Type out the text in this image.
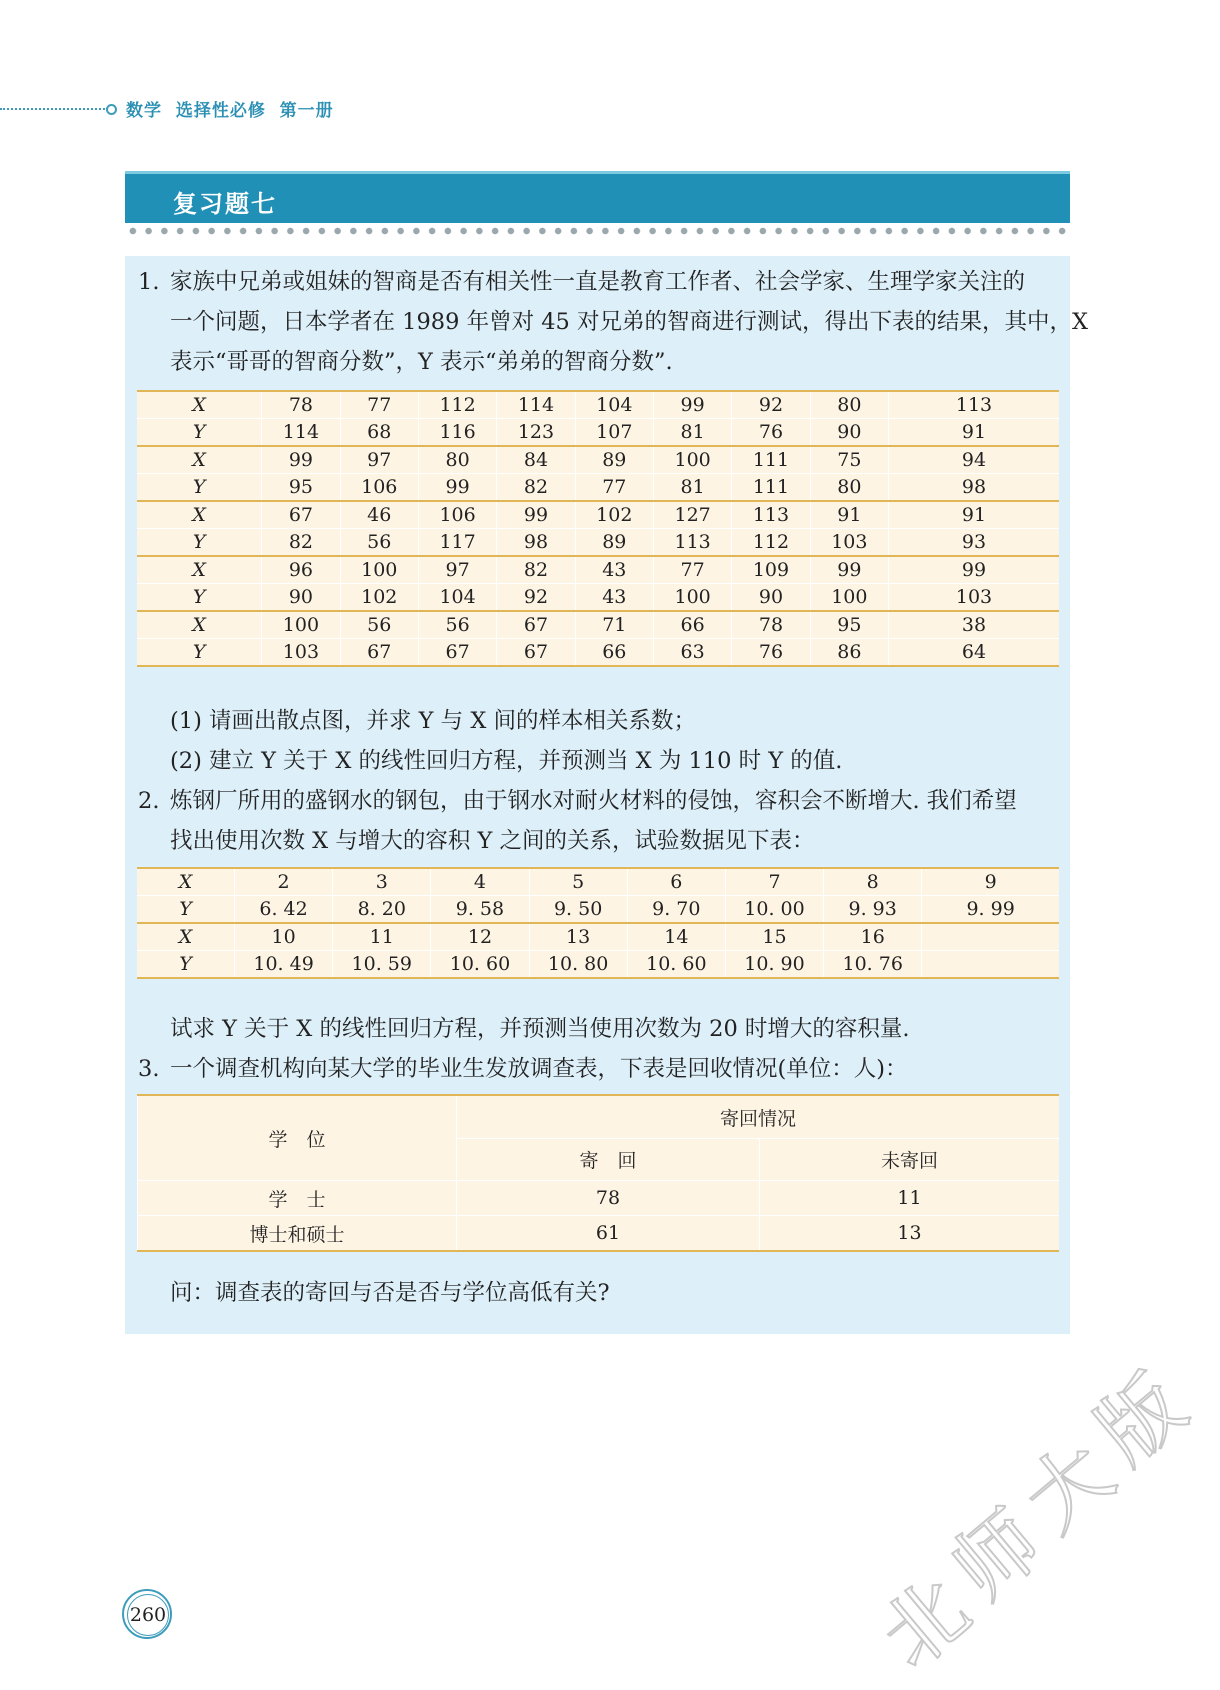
数学  选择性必修  第一册
复习题七
1. 家族中兄弟或姐妹的智商是否有相关性一直是教育工作者、社会学家、生理学家关注的
一个问题，日本学者在 1989 年曾对 45 对兄弟的智商进行测试，得出下表的结果，其中，X
表示“哥哥的智商分数”，Y 表示“弟弟的智商分数”.
X	78	77	112	114	104	99	92	80	113
Y	114	68	116	123	107	81	76	90	91
X	99	97	80	84	89	100	111	75	94
Y	95	106	99	82	77	81	111	80	98
X	67	46	106	99	102	127	113	91	91
Y	82	56	117	98	89	113	112	103	93
X	96	100	97	82	43	77	109	99	99
Y	90	102	104	92	43	100	90	100	103
X	100	56	56	67	71	66	78	95	38
Y	103	67	67	67	66	63	76	86	64
(1) 请画出散点图，并求 Y 与 X 间的样本相关系数；
(2) 建立 Y 关于 X 的线性回归方程，并预测当 X 为 110 时 Y 的值.
2. 炼钢厂所用的盛钢水的钢包，由于钢水对耐火材料的侵蚀，容积会不断增大. 我们希望
找出使用次数 X 与增大的容积 Y 之间的关系，试验数据见下表：
X	2	3	4	5	6	7	8	9
Y	6. 42	8. 20	9. 58	9. 50	9. 70	10. 00	9. 93	9. 99
X	10	11	12	13	14	15	16	
Y	10. 49	10. 59	10. 60	10. 80	10. 60	10. 90	10. 76	
试求 Y 关于 X 的线性回归方程，并预测当使用次数为 20 时增大的容积量.
3. 一个调查机构向某大学的毕业生发放调查表，下表是回收情况(单位：人)：
学　位	寄回情况	
	寄　回	未寄回
学　士	78	11
博士和硕士	61	13
问：调查表的寄回与否是否与学位高低有关?
260	北
师
大
版
